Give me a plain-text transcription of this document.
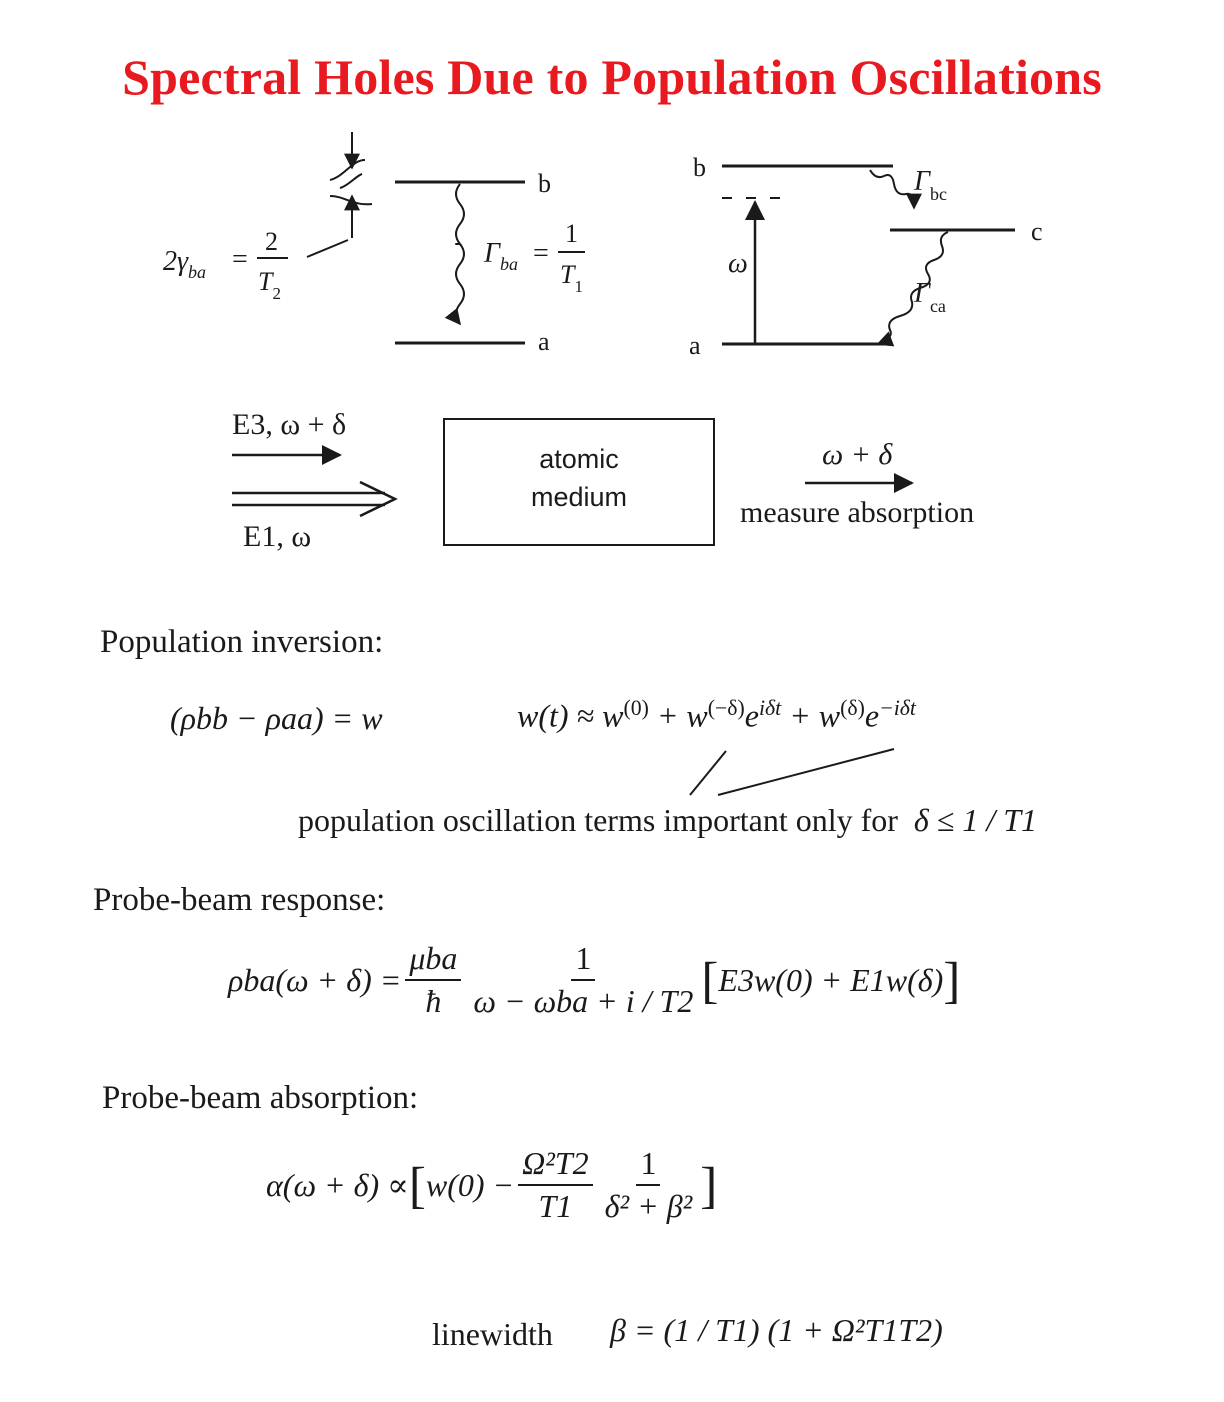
Spectral Holes Due to Population Oscillations
b
a
$2\gamma_{ba}$ =
2
$T_2$
$\Gamma_{ba}$ =
1
$T_1$
b
c
a
ω
$\Gamma_{bc}$
$\Gamma_{ca}$
E3, ω + δ
E1, ω
atomic
medium
ω + δ
measure absorption
Population inversion:
(ρbb − ρaa) = w	$w(t) \approx w^{(0)} + w^{(-\delta)}e^{i\delta t} + w^{(\delta)}e^{-i\delta t}$
population oscillation terms important only for δ ≤ 1 / T1
Probe-beam response:
$\rho ba(\omega + \delta) = \frac{\text{μba}}{ħ} \frac{1}{\text{ω − ωba + i / T2}}$ [ E3w(0) + E1w(δ) ]
Probe-beam absorption:
α(ω + δ) ∝ [ $w(0) - \frac{\text{Ω²T2}}{T1} \frac{1}{\text{δ² + β²}}$ ]
linewidth β = (1 / T1) (1 + Ω²T1T2)
